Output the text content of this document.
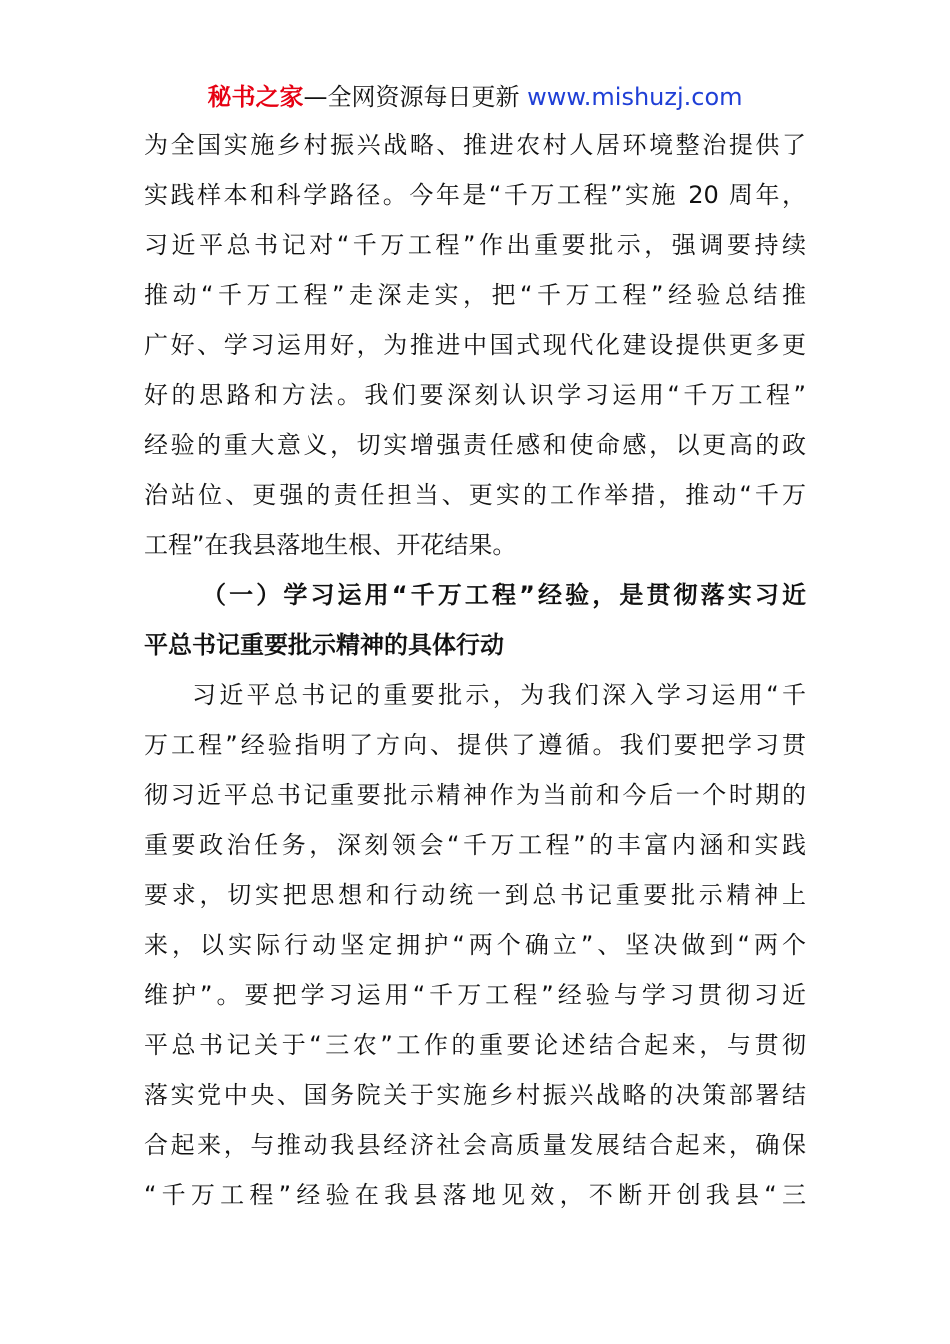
秘书之家—全网资源每日更新 www.mishuzj.com
为全国实施乡村振兴战略、推进农村人居环境整治提供了
实践样本和科学路径。今年是“千万工程”实施 20 周年，
习近平总书记对“千万工程”作出重要批示，强调要持续
推动“千万工程”走深走实，把“千万工程”经验总结推
广好、学习运用好，为推进中国式现代化建设提供更多更
好的思路和方法。我们要深刻认识学习运用“千万工程”
经验的重大意义，切实增强责任感和使命感，以更高的政
治站位、更强的责任担当、更实的工作举措，推动“千万
工程”在我县落地生根、开花结果。
（一）学习运用“千万工程”经验，是贯彻落实习近
平总书记重要批示精神的具体行动
习近平总书记的重要批示，为我们深入学习运用“千
万工程”经验指明了方向、提供了遵循。我们要把学习贯
彻习近平总书记重要批示精神作为当前和今后一个时期的
重要政治任务，深刻领会“千万工程”的丰富内涵和实践
要求，切实把思想和行动统一到总书记重要批示精神上
来，以实际行动坚定拥护“两个确立”、坚决做到“两个
维护”。要把学习运用“千万工程”经验与学习贯彻习近
平总书记关于“三农”工作的重要论述结合起来，与贯彻
落实党中央、国务院关于实施乡村振兴战略的决策部署结
合起来，与推动我县经济社会高质量发展结合起来，确保
“千万工程”经验在我县落地见效，不断开创我县“三
